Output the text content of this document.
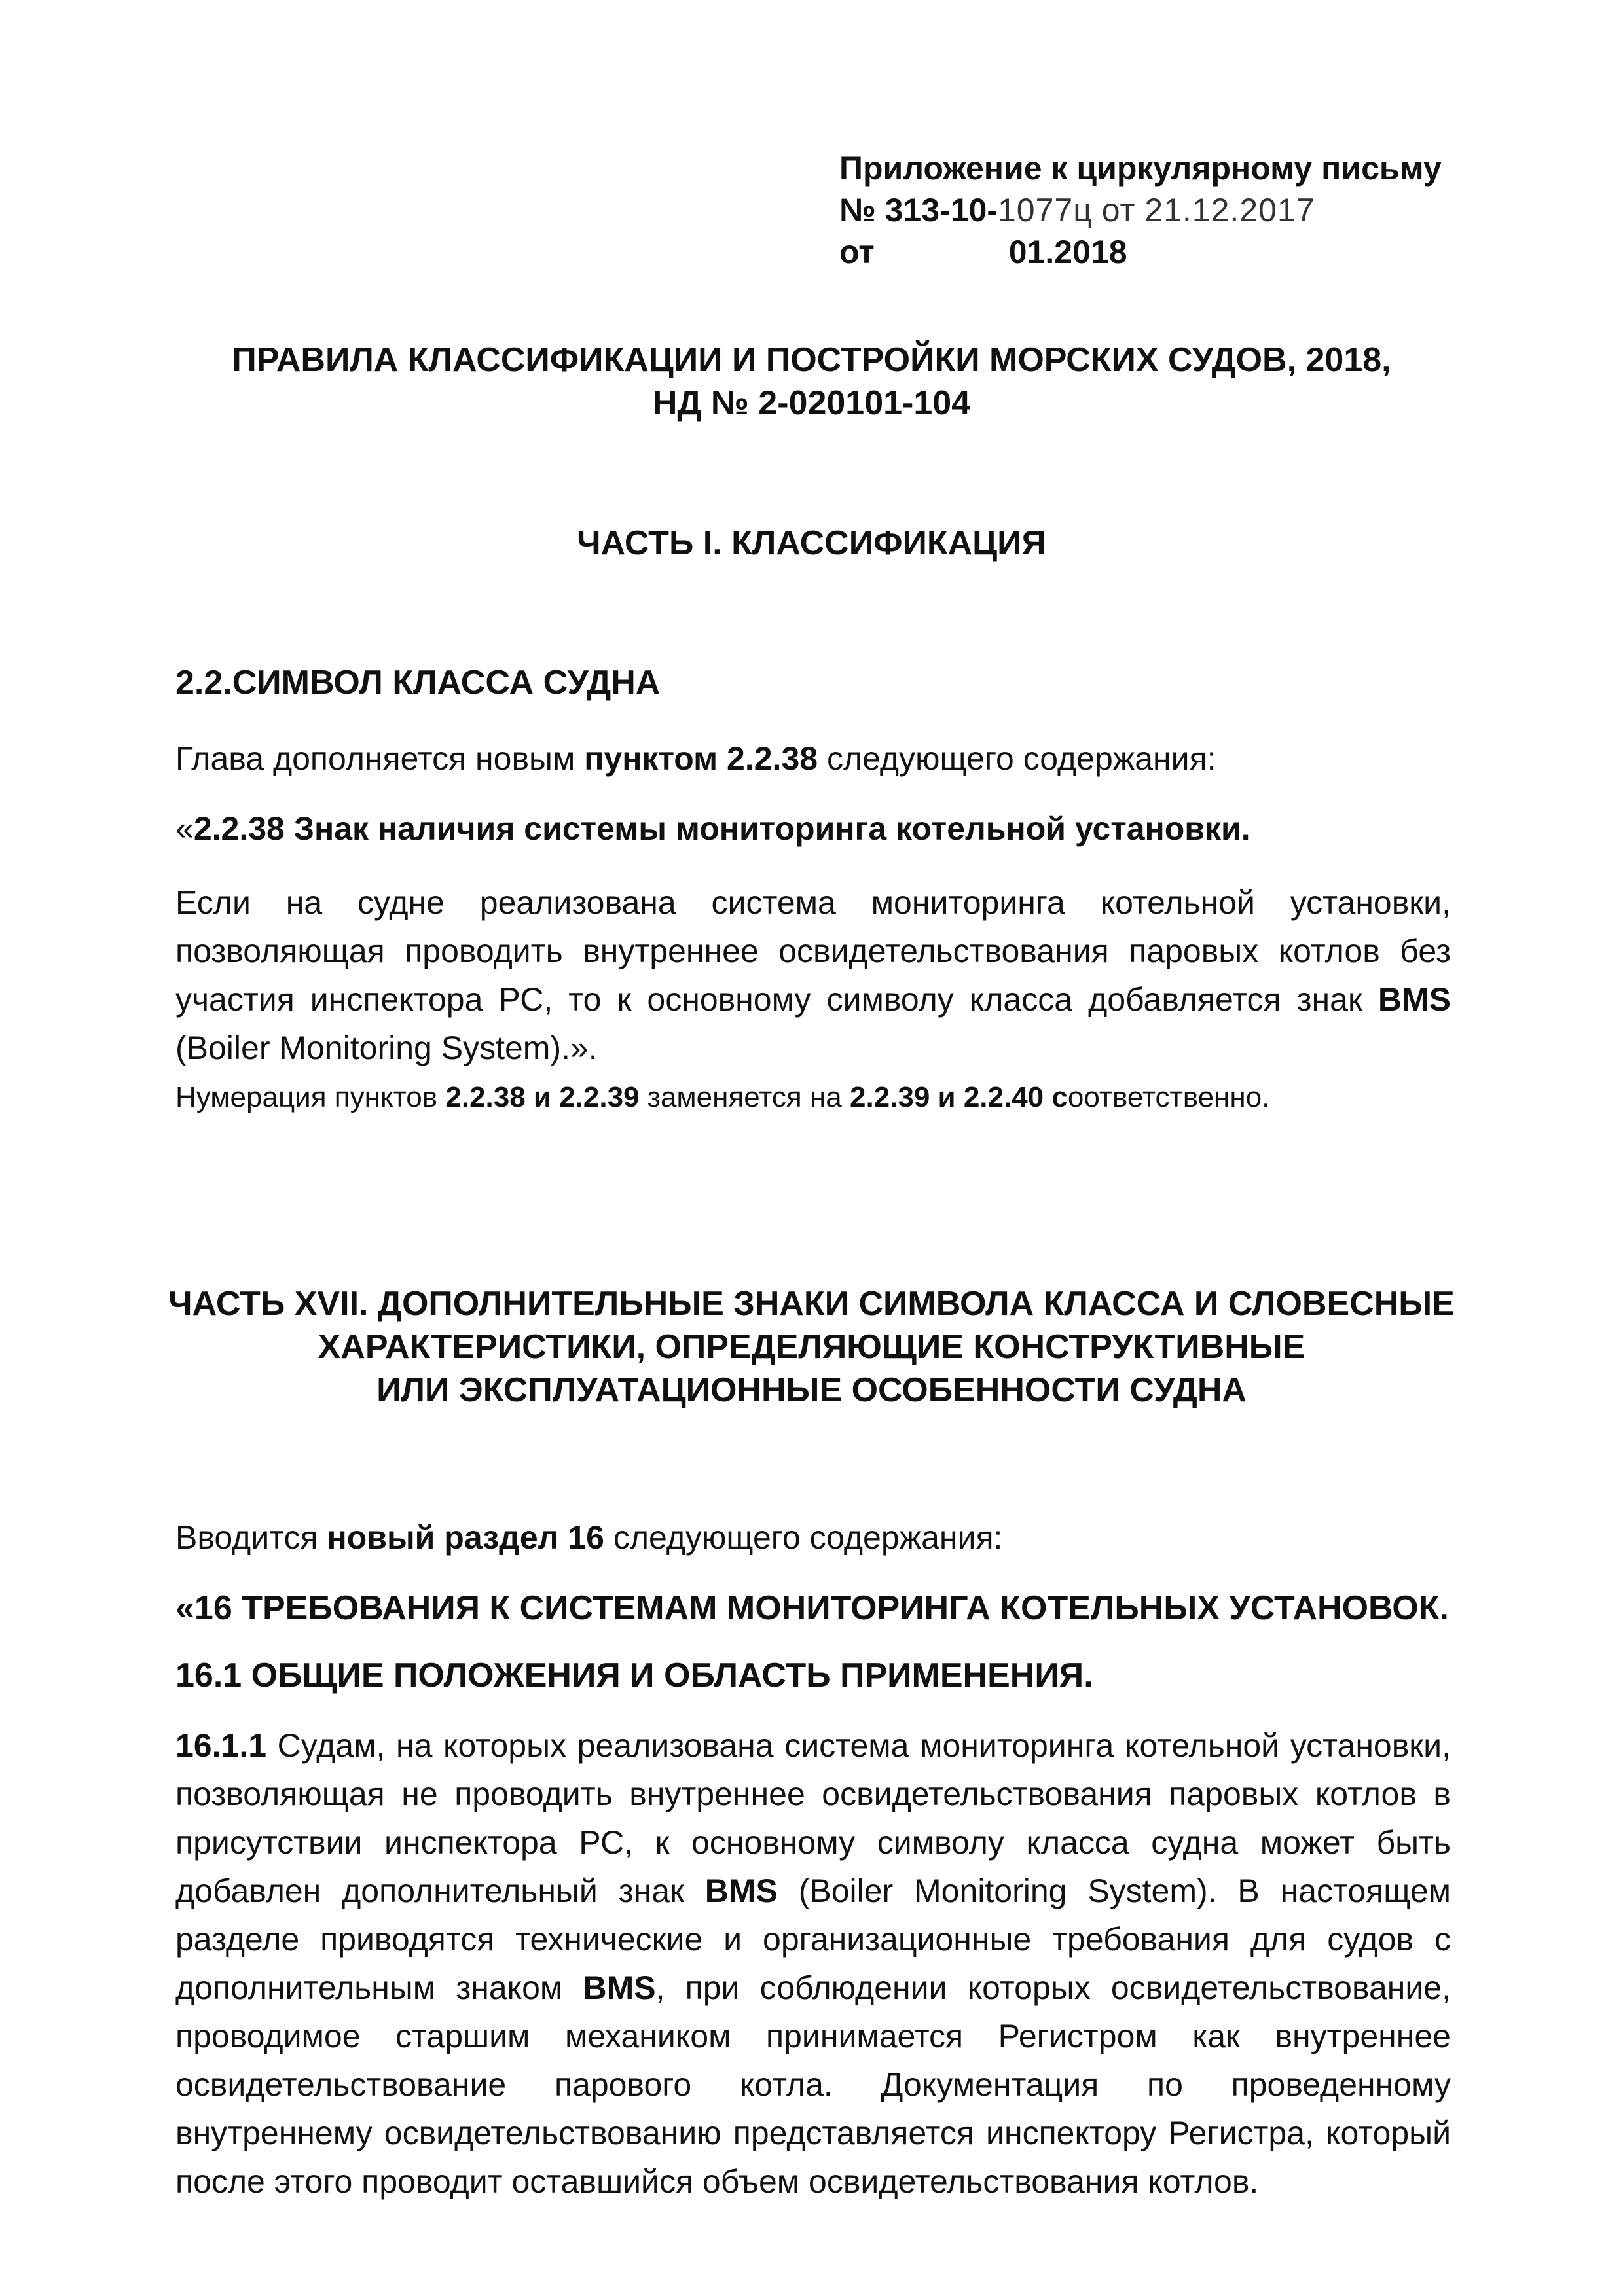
Приложение к циркулярному письму
№ 313-10-1077ц от 21.12.2017
от	01.2018
ПРАВИЛА КЛАССИФИКАЦИИ И ПОСТРОЙКИ МОРСКИХ СУДОВ, 2018,
НД № 2-020101-104
ЧАСТЬ I. КЛАССИФИКАЦИЯ
2.2.СИМВОЛ КЛАССА СУДНА
Глава дополняется новым пунктом 2.2.38 следующего содержания:
«2.2.38 Знак наличия системы мониторинга котельной установки.
Если на судне реализована система мониторинга котельной установки,
позволяющая проводить внутреннее освидетельствования паровых котлов без
участия инспектора РС, то к основному символу класса добавляется знак BMS
(Boiler Monitoring System).».
Нумерация пунктов 2.2.38 и 2.2.39 заменяется на 2.2.39 и 2.2.40 соответственно.
ЧАСТЬ XVII. ДОПОЛНИТЕЛЬНЫЕ ЗНАКИ СИМВОЛА КЛАССА И СЛОВЕСНЫЕ
ХАРАКТЕРИСТИКИ, ОПРЕДЕЛЯЮЩИЕ КОНСТРУКТИВНЫЕ
ИЛИ ЭКСПЛУАТАЦИОННЫЕ ОСОБЕННОСТИ СУДНА
Вводится новый раздел 16 следующего содержания:
«16 ТРЕБОВАНИЯ К СИСТЕМАМ МОНИТОРИНГА КОТЕЛЬНЫХ УСТАНОВОК.
16.1 ОБЩИЕ ПОЛОЖЕНИЯ И ОБЛАСТЬ ПРИМЕНЕНИЯ.
16.1.1 Судам, на которых реализована система мониторинга котельной установки,
позволяющая не проводить внутреннее освидетельствования паровых котлов в
присутствии инспектора РС, к основному символу класса судна может быть
добавлен дополнительный знак BMS (Boiler Monitoring System). В настоящем
разделе приводятся технические и организационные требования для судов с
дополнительным знаком BMS, при соблюдении которых освидетельствование,
проводимое старшим механиком принимается Регистром как внутреннее
освидетельствование парового котла. Документация по проведенному
внутреннему освидетельствованию представляется инспектору Регистра, который
после этого проводит оставшийся объем освидетельствования котлов.
